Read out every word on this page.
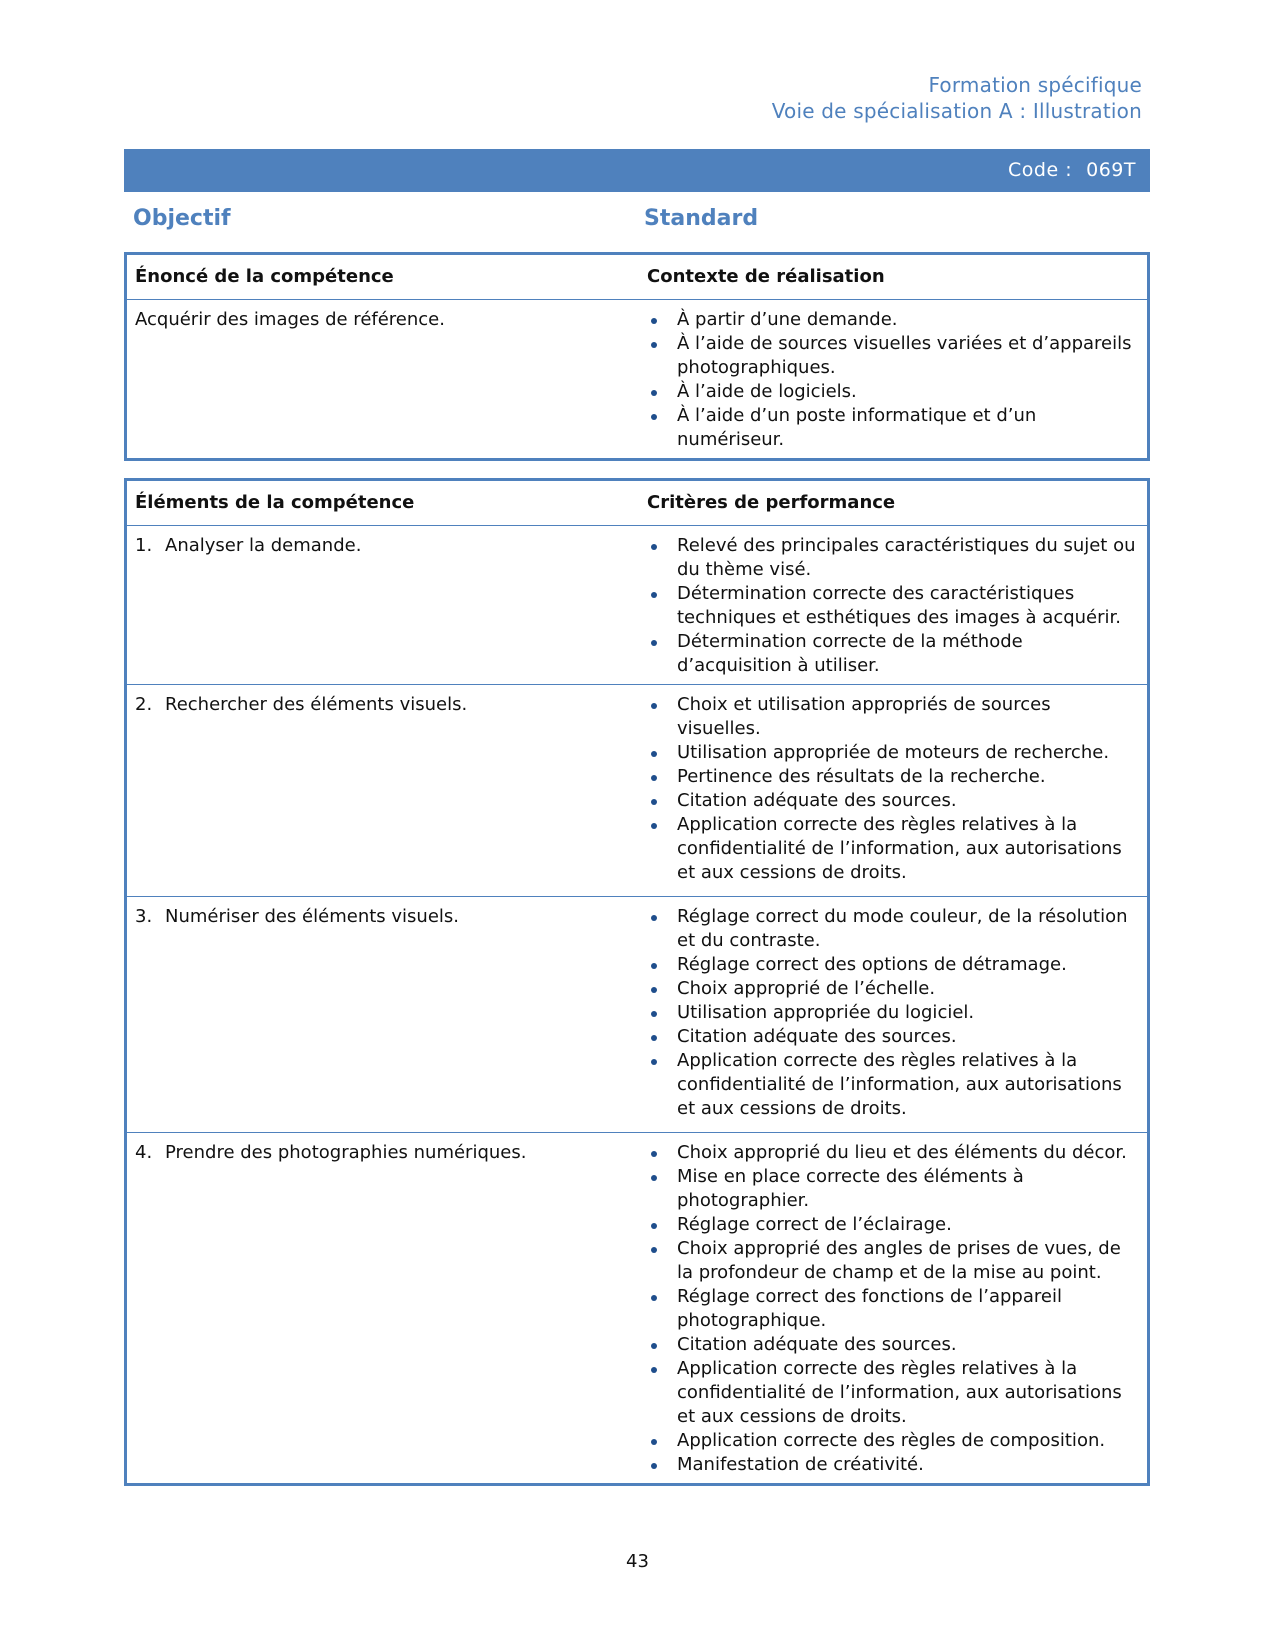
Formation spécifique
Voie de spécialisation A : Illustration
Code : 069T
Objectif	Standard
Énoncé de la compétence	Contexte de réalisation

Acquérir des images de référence.	À partir d’une demande.
À l’aide de sources visuelles variées et d’appareils photographiques.
À l’aide de logiciels.
À l’aide d’un poste informatique et d’un numériseur.
Éléments de la compétence	Critères de performance

1. Analyser la demande.	Relevé des principales caractéristiques du sujet ou du thème visé.
Détermination correcte des caractéristiques techniques et esthétiques des images à acquérir.
Détermination correcte de la méthode d’acquisition à utiliser.

2. Rechercher des éléments visuels.	Choix et utilisation appropriés de sources visuelles.
Utilisation appropriée de moteurs de recherche.
Pertinence des résultats de la recherche.
Citation adéquate des sources.
Application correcte des règles relatives à la confidentialité de l’information, aux autorisations et aux cessions de droits.

3. Numériser des éléments visuels.	Réglage correct du mode couleur, de la résolution et du contraste.
Réglage correct des options de détramage.
Choix approprié de l’échelle.
Utilisation appropriée du logiciel.
Citation adéquate des sources.
Application correcte des règles relatives à la confidentialité de l’information, aux autorisations et aux cessions de droits.

4. Prendre des photographies numériques.	Choix approprié du lieu et des éléments du décor.
Mise en place correcte des éléments à photographier.
Réglage correct de l’éclairage.
Choix approprié des angles de prises de vues, de la profondeur de champ et de la mise au point.
Réglage correct des fonctions de l’appareil photographique.
Citation adéquate des sources.
Application correcte des règles relatives à la confidentialité de l’information, aux autorisations et aux cessions de droits.
Application correcte des règles de composition.
Manifestation de créativité.
43
